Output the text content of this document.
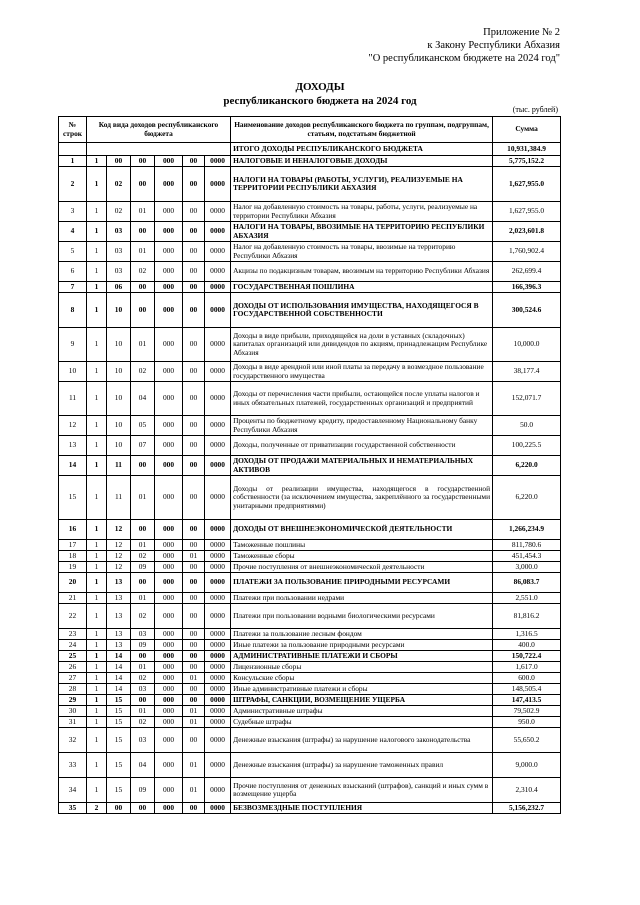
Приложение № 2
к Закону Республики Абхазия
"О республиканском бюджете на 2024 год"
ДОХОДЫ
республиканского бюджета на 2024 год
(тыс. рублей)
№ строк	Код вида доходов республиканского бюджета						Наименование доходов республиканского бюджета по группам, подгруппам, статьям, подстатьям бюджетной	Сумма
							ИТОГО ДОХОДЫ РЕСПУБЛИКАНСКОГО БЮДЖЕТА	10,931,384.9
1	1	00	00	000	00	0000	НАЛОГОВЫЕ И НЕНАЛОГОВЫЕ ДОХОДЫ	5,775,152.2
2	1	02	00	000	00	0000	НАЛОГИ НА ТОВАРЫ (РАБОТЫ, УСЛУГИ), РЕАЛИЗУЕМЫЕ НА ТЕРРИТОРИИ РЕСПУБЛИКИ АБХАЗИЯ	1,627,955.0
3	1	02	01	000	00	0000	Налог на добавленную стоимость на товары, работы, услуги, реализуемые на территории Республики Абхазия	1,627,955.0
4	1	03	00	000	00	0000	НАЛОГИ НА ТОВАРЫ, ВВОЗИМЫЕ НА ТЕРРИТОРИЮ РЕСПУБЛИКИ АБХАЗИЯ	2,023,601.8
5	1	03	01	000	00	0000	Налог на добавленную стоимость на товары, ввозимые на территорию Республики Абхазия	1,760,902.4
6	1	03	02	000	00	0000	Акцизы по подакцизным товарам, ввозимым на территорию Республики Абхазия	262,699.4
7	1	06	00	000	00	0000	ГОСУДАРСТВЕННАЯ ПОШЛИНА	166,396.3
8	1	10	00	000	00	0000	ДОХОДЫ ОТ ИСПОЛЬЗОВАНИЯ ИМУЩЕСТВА, НАХОДЯЩЕГОСЯ В ГОСУДАРСТВЕННОЙ СОБСТВЕННОСТИ	300,524.6
9	1	10	01	000	00	0000	Доходы в виде прибыли, приходящейся на доли в уставных (складочных) капиталах организаций или дивидендов по акциям, принадлежащим Республике Абхазия	10,000.0
10	1	10	02	000	00	0000	Доходы в виде арендной или иной платы за передачу в возмездное пользование государственного имущества	38,177.4
11	1	10	04	000	00	0000	Доходы от перечисления части прибыли, остающейся после уплаты налогов и иных обязательных платежей, государственных организаций и предприятий	152,071.7
12	1	10	05	000	00	0000	Проценты по бюджетному кредиту, предоставленному Национальному банку Республики Абхазия	50.0
13	1	10	07	000	00	0000	Доходы, полученные от приватизации государственной собственности	100,225.5
14	1	11	00	000	00	0000	ДОХОДЫ ОТ ПРОДАЖИ МАТЕРИАЛЬНЫХ И НЕМАТЕРИАЛЬНЫХ АКТИВОВ	6,220.0
15	1	11	01	000	00	0000	Доходы от реализации имущества, находящегося в государственной собственности (за исключением имущества, закреплённого за государственными унитарными предприятиями)	6,220.0
16	1	12	00	000	00	0000	ДОХОДЫ ОТ ВНЕШНЕЭКОНОМИЧЕСКОЙ ДЕЯТЕЛЬНОСТИ	1,266,234.9
17	1	12	01	000	00	0000	Таможенные пошлины	811,780.6
18	1	12	02	000	01	0000	Таможенные сборы	451,454.3
19	1	12	09	000	00	0000	Прочие поступления от внешнеэкономической деятельности	3,000.0
20	1	13	00	000	00	0000	ПЛАТЕЖИ ЗА ПОЛЬЗОВАНИЕ ПРИРОДНЫМИ РЕСУРСАМИ	86,083.7
21	1	13	01	000	00	0000	Платежи при пользовании недрами	2,551.0
22	1	13	02	000	00	0000	Платежи при пользовании водными биологическими ресурсами	81,816.2
23	1	13	03	000	00	0000	Платежи за пользование лесным фондом	1,316.5
24	1	13	09	000	00	0000	Иные платежи за пользование природными ресурсами	400.0
25	1	14	00	000	00	0000	АДМИНИСТРАТИВНЫЕ ПЛАТЕЖИ И СБОРЫ	150,722.4
26	1	14	01	000	00	0000	Лицензионные сборы	1,617.0
27	1	14	02	000	01	0000	Консульские сборы	600.0
28	1	14	03	000	00	0000	Иные административные платежи и сборы	148,505.4
29	1	15	00	000	00	0000	ШТРАФЫ, САНКЦИИ, ВОЗМЕЩЕНИЕ УЩЕРБА	147,413.5
30	1	15	01	000	01	0000	Административные штрафы	79,502.9
31	1	15	02	000	01	0000	Судебные штрафы	950.0
32	1	15	03	000	00	0000	Денежные взыскания (штрафы) за нарушение налогового законодательства	55,650.2
33	1	15	04	000	01	0000	Денежные взыскания (штрафы) за нарушение таможенных правил	9,000.0
34	1	15	09	000	01	0000	Прочие поступления от денежных взысканий (штрафов), санкций и иных сумм в возмещение ущерба	2,310.4
35	2	00	00	000	00	0000	БЕЗВОЗМЕЗДНЫЕ ПОСТУПЛЕНИЯ	5,156,232.7
